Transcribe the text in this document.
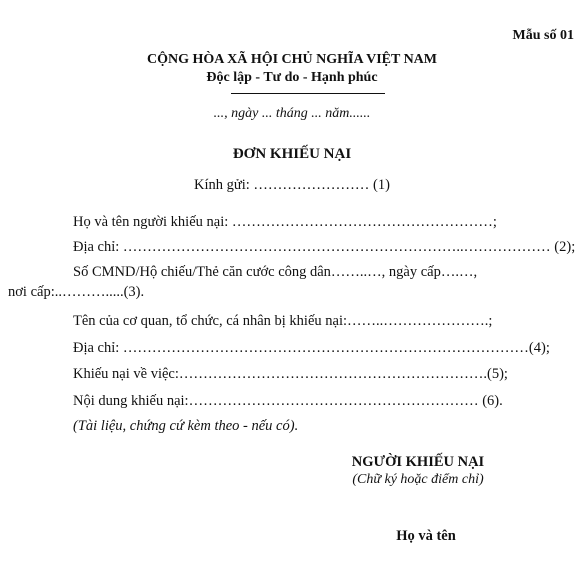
Mẫu số 01
CỘNG HÒA XÃ HỘI CHỦ NGHĨA VIỆT NAM
Độc lập - Tư do - Hạnh phúc
..., ngày ... tháng ... năm......
ĐƠN KHIẾU NẠI
Kính gửi: …………………… (1)
Họ và tên người khiếu nại: ………………………………………………;
Địa chỉ: ……………………………………………………………..……………… (2);
Số CMND/Hộ chiếu/Thẻ căn cước công dân……..…, ngày cấp….…,
nơi cấp:..……….....(3).
Tên của cơ quan, tổ chức, cá nhân bị khiếu nại:……..………………….;
Địa chỉ: …………………………………………………………………………(4);
Khiếu nại về việc:……………………………………………………….(5);
Nội dung khiếu nại:…………………………………………………… (6).
(Tài liệu, chứng cứ kèm theo - nếu có).
NGƯỜI KHIẾU NẠI
(Chữ ký hoặc điểm chỉ)
Họ và tên
